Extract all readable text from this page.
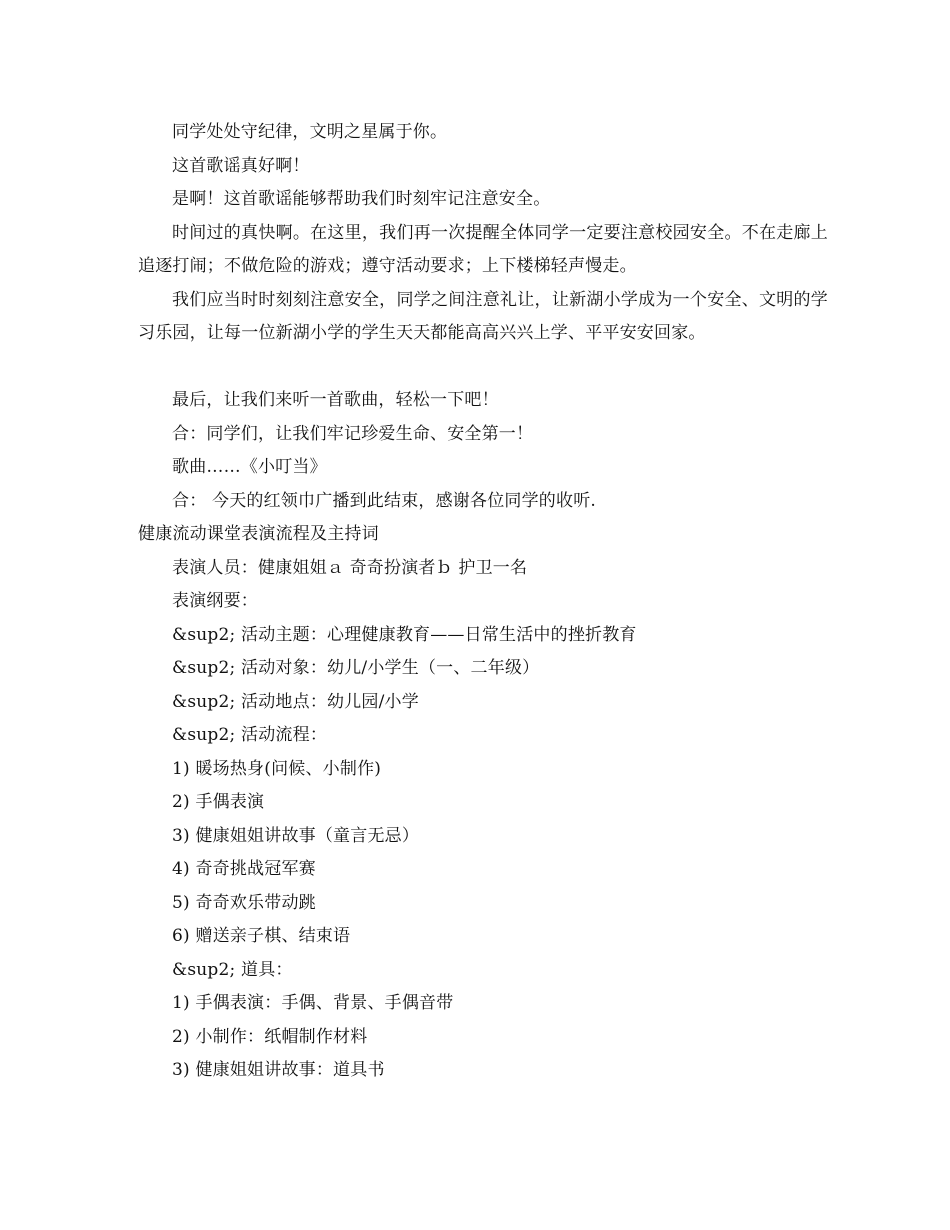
同学处处守纪律，文明之星属于你。
这首歌谣真好啊！
是啊！这首歌谣能够帮助我们时刻牢记注意安全。

时间过的真快啊。在这里，我们再一次提醒全体同学一定要注意校园安全。不在走廊上追逐打闹；不做危险的游戏；遵守活动要求；上下楼梯轻声慢走。

我们应当时时刻刻注意安全，同学之间注意礼让，让新湖小学成为一个安全、文明的学习乐园，让每一位新湖小学的学生天天都能高高兴兴上学、平平安安回家。

最后，让我们来听一首歌曲，轻松一下吧！
合：同学们，让我们牢记珍爱生命、安全第一！
歌曲……《小叮当》
合： 今天的红领巾广播到此结束，感谢各位同学的收听.
健康流动课堂表演流程及主持词
表演人员：健康姐姐ａ 奇奇扮演者ｂ 护卫一名
表演纲要：
&sup2; 活动主题：心理健康教育——日常生活中的挫折教育
&sup2; 活动对象：幼儿/小学生（一、二年级）
&sup2; 活动地点：幼儿园/小学
&sup2; 活动流程：
1) 暖场热身(问候、小制作)
2) 手偶表演
3) 健康姐姐讲故事（童言无忌）
4) 奇奇挑战冠军赛
5) 奇奇欢乐带动跳
6) 赠送亲子棋、结束语
&sup2; 道具：
1) 手偶表演：手偶、背景、手偶音带
2) 小制作：纸帽制作材料
3) 健康姐姐讲故事：道具书
